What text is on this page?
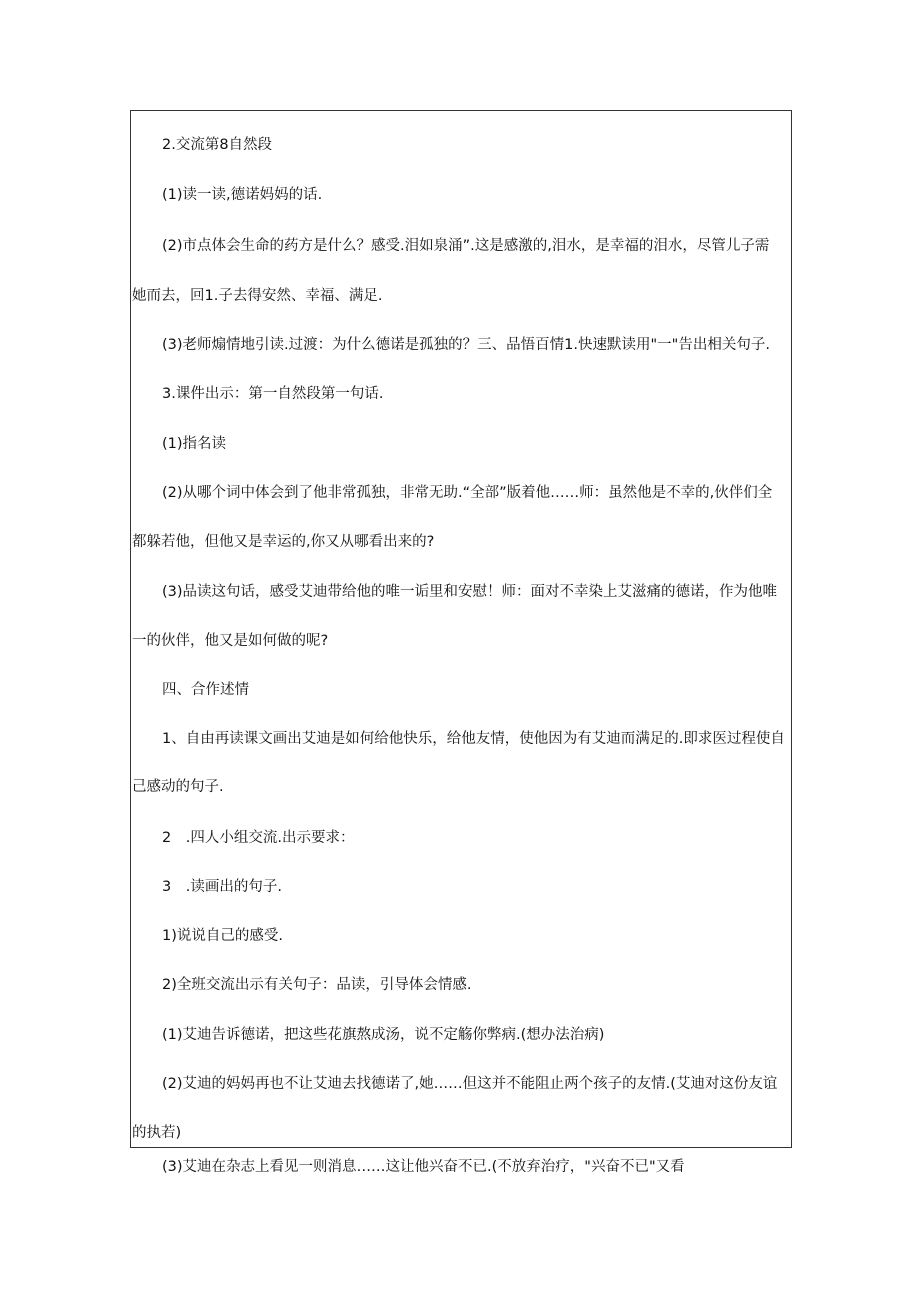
2.交流第8自然段
(1)读一读,德诺妈妈的话.
(2)市点体会生命的药方是什么？感受.泪如泉涌”.这是感激的,泪水，是幸福的泪水，尽管儿子需
她而去，回1.子去得安然、幸福、满足.
(3)老师煽情地引读.过渡：为什么德诺是孤独的？三、品悟百情1.快速默读用"一"告出相关句子.
3.课件出示：第一自然段第一句话.
(1)指名读
(2)从哪个词中体会到了他非常孤独，非常无助.“全部”版着他……师：虽然他是不幸的,伙伴们全
都躲若他，但他又是幸运的,你又从哪看出来的?
(3)品读这句话，感受艾迪带给他的唯一诟里和安慰！师：面对不幸染上艾滋痛的德诺，作为他唯
一的伙伴，他又是如何做的呢?
四、合作述情
1、自由再读课文画出艾迪是如何给他快乐，给他友情，使他因为有艾迪而满足的.即求医过程使自
己感动的句子.
2　.四人小组交流.出示要求：
3　.读画出的句子.
1)说说自己的感受.
2)全班交流出示有关句子：品读，引导体会情感.
(1)艾迪告诉德诺，把这些花旗熬成汤，说不定觞你弊病.(想办法治病)
(2)艾迪的妈妈再也不让艾迪去找德诺了,她……但这并不能阻止两个孩子的友情.(艾迪对这份友谊
的执若)
(3)艾迪在杂志上看见一则消息……这让他兴奋不已.(不放弃治疗，"兴奋不已"又看
